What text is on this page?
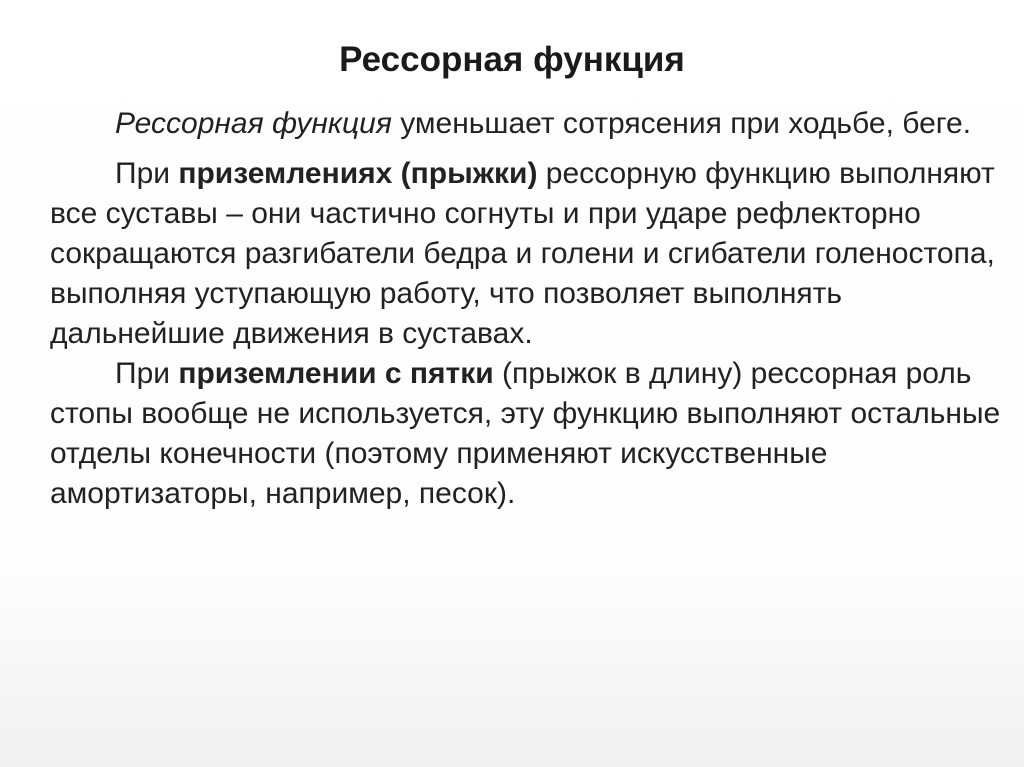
Рессорная функция

Рессорная функция уменьшает сотрясения при ходьбе, беге.

При приземлениях (прыжки) рессорную функцию выполняют все суставы – они частично согнуты и при ударе рефлекторно сокращаются разгибатели бедра и голени и сгибатели голеностопа, выполняя уступающую работу, что позволяет выполнять дальнейшие движения в суставах.

При приземлении с пятки (прыжок в длину) рессорная роль стопы вообще не используется, эту функцию выполняют остальные отделы конечности (поэтому применяют искусственные амортизаторы, например, песок).
